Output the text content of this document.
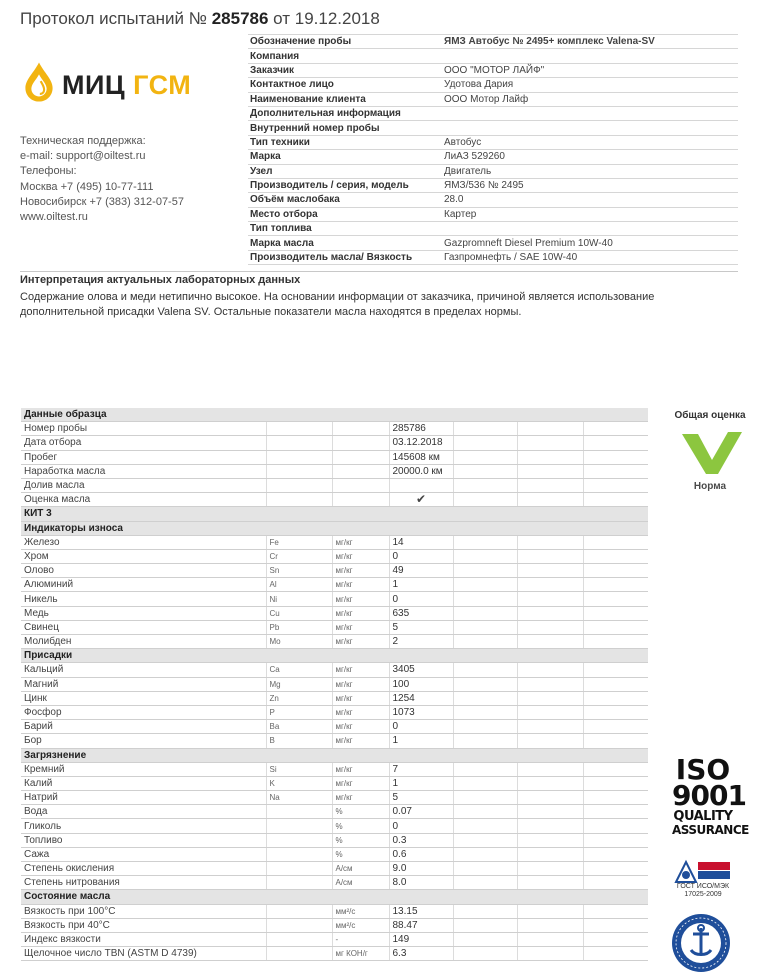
Протокол испытаний № 285786 от 19.12.2018
МИЦ ГСМ
Техническая поддержка:
e-mail: support@oiltest.ru
Телефоны:
Москва +7 (495) 10-77-111
Новосибирск +7 (383) 312-07-57
www.oiltest.ru
Обозначение пробы	ЯМЗ Автобус № 2495+ комплекс Valena-SV
Компания	
Заказчик	ООО "МОТОР ЛАЙФ"
Контактное лицо	Удотова Дария
Наименование клиента	ООО Мотор Лайф
Дополнительная информация	
Внутренний номер пробы	
Тип техники	Автобус
Марка	ЛиАЗ 529260
Узел	Двигатель
Производитель / серия, модель	ЯМЗ/536 № 2495
Объём маслобака	28.0
Место отбора	Картер
Тип топлива	
Марка масла	Gazpromneft Diesel Premium 10W-40
Производитель масла/ Вязкость	Газпромнефть / SAE 10W-40
Интерпретация актуальных лабораторных данных
Содержание олова и меди нетипично высокое. На основании информации от заказчика, причиной является использование дополнительной присадки Valena SV. Остальные показатели масла находятся в пределах нормы.
Данные образца						
Номер пробы			285786			
Дата отбора			03.12.2018			
Пробег			145608 км			
Наработка масла			20000.0 км			
Долив масла						
Оценка масла			✔			
КИТ 3						
Индикаторы износа						
Железо	Fe	мг/кг	14			
Хром	Cr	мг/кг	0			
Олово	Sn	мг/кг	49			
Алюминий	Al	мг/кг	1			
Никель	Ni	мг/кг	0			
Медь	Cu	мг/кг	635			
Свинец	Pb	мг/кг	5			
Молибден	Mo	мг/кг	2			
Присадки						
Кальций	Ca	мг/кг	3405			
Магний	Mg	мг/кг	100			
Цинк	Zn	мг/кг	1254			
Фосфор	P	мг/кг	1073			
Барий	Ba	мг/кг	0			
Бор	B	мг/кг	1			
Загрязнение						
Кремний	Si	мг/кг	7			
Калий	K	мг/кг	1			
Натрий	Na	мг/кг	5			
Вода		%	0.07			
Гликоль		%	0			
Топливо		%	0.3			
Сажа		%	0.6			
Степень окисления		А/см	9.0			
Степень нитрования		А/см	8.0			
Состояние масла						
Вязкость при 100°С		мм²/с	13.15			
Вязкость при 40°С		мм²/с	88.47			
Индекс вязкости		-	149			
Щелочное число TBN (ASTM D 4739)		мг КОН/г	6.3			
Общая оценка
Норма
ISO
9001
QUALITY
ASSURANCE
ГОСТ ИСО/МЭК 17025-2009
